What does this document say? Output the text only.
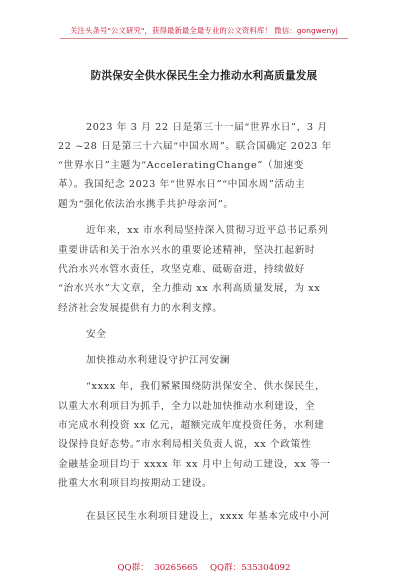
关注头条号"公文研究"，获得最新最全最专业的公文资料库！ 微信：gongwenyj
防洪保安全供水保民生全力推动水利高质量发展
2023 年 3 月 22 日是第三十一届“世界水日”，3 月
22 ~28 日是第三十六届“中国水周”。联合国确定 2023 年
“世界水日”主题为“AcceleratingChange”（加速变
革）。我国纪念 2023 年“世界水日”“中国水周”活动主
题为“强化依法治水携手共护母亲河”。
近年来，xx 市水利局坚持深入贯彻习近平总书记系列
重要讲话和关于治水兴水的重要论述精神，坚决扛起新时
代治水兴水管水责任，攻坚克难、砥砺奋进，持续做好
“治水兴水”大文章，全力推动 xx 水利高质量发展，为 xx
经济社会发展提供有力的水利支撑。
安全
加快推动水利建设守护江河安澜
“xxxx 年，我们紧紧围绕防洪保安全、供水保民生，
以重大水利项目为抓手，全力以赴加快推动水利建设，全
市完成水利投资 xx 亿元，超额完成年度投资任务，水利建
设保持良好态势。”市水利局相关负责人说，xx 个政策性
金融基金项目均于 xxxx 年 xx 月中上旬动工建设，xx 等一
批重大水利项目均按期动工建设。
在县区民生水利项目建设上，xxxx 年基本完成中小河
QQ群：  30265665 QQ群：535304092
